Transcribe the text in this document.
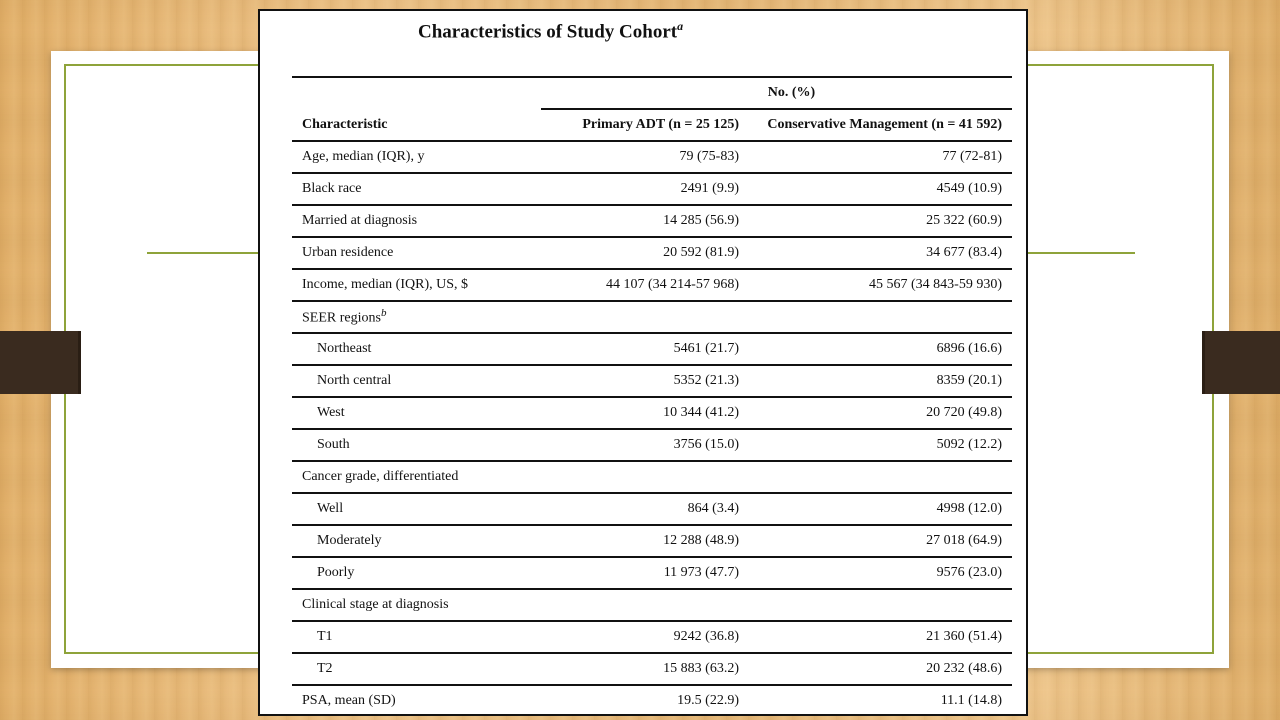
Characteristics of Study Cohort$^a$
	No. (%)	
Characteristic	Primary ADT (n = 25 125)	Conservative Management (n = 41 592)
Age, median (IQR), y	79 (75-83)	77 (72-81)
Black race	2491 (9.9)	4549 (10.9)
Married at diagnosis	14 285 (56.9)	25 322 (60.9)
Urban residence	20 592 (81.9)	34 677 (83.4)
Income, median (IQR), US, $	44 107 (34 214-57 968)	45 567 (34 843-59 930)
SEER regions$^b$		
Northeast	5461 (21.7)	6896 (16.6)
North central	5352 (21.3)	8359 (20.1)
West	10 344 (41.2)	20 720 (49.8)
South	3756 (15.0)	5092 (12.2)
Cancer grade, differentiated		
Well	864 (3.4)	4998 (12.0)
Moderately	12 288 (48.9)	27 018 (64.9)
Poorly	11 973 (47.7)	9576 (23.0)
Clinical stage at diagnosis		
T1	9242 (36.8)	21 360 (51.4)
T2	15 883 (63.2)	20 232 (48.6)
PSA, mean (SD)	19.5 (22.9)	11.1 (14.8)
